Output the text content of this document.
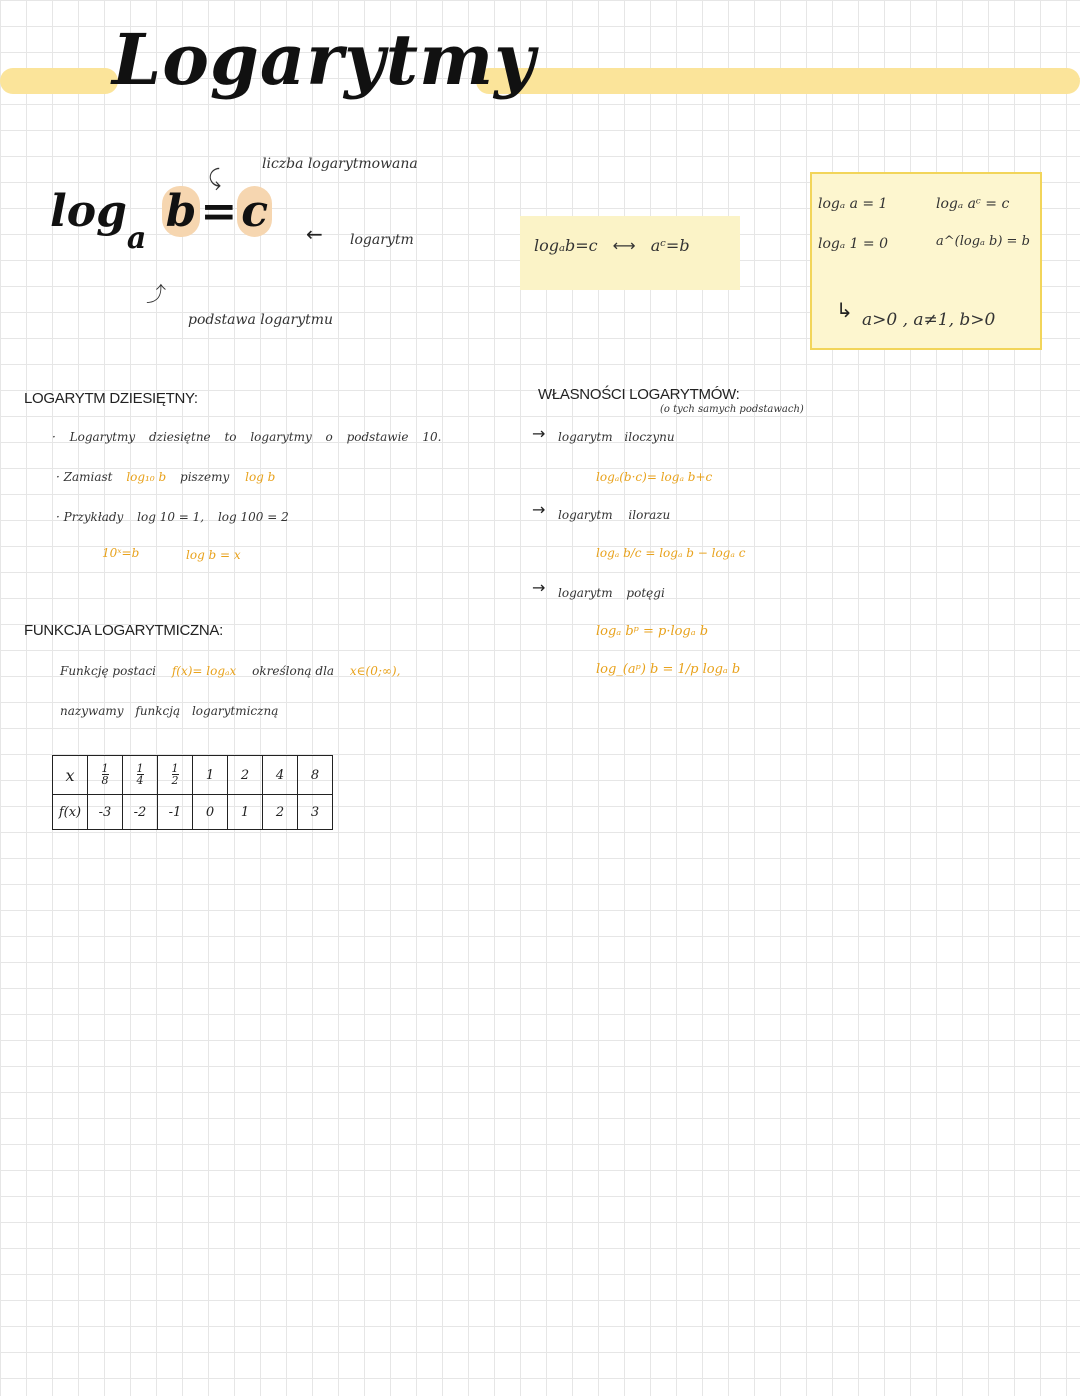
Logarytmy
liczba logarytmowana
⤹
$\log_a b=c$ ← logarytm
⤴
podstawa logarytmu
logₐb=c ⟷ aᶜ=b
logₐ a = 1	logₐ aᶜ = c
logₐ 1 = 0	a^(logₐ b) = b
↳ a>0 , a≠1, b>0
LOGARYTM DZIESIĘTNY:
· Logarytmy dziesiętne to logarytmy o podstawie 10.
· Zamiast log₁₀ b piszemy log b
· Przykłady log 10 = 1, log 100 = 2
10ˣ=b	log b = x
FUNKCJA LOGARYTMICZNA:
Funkcję postaci f(x)= logₐx określoną dla x∈(0;∞),
nazywamy funkcją logarytmiczną
x	$\frac{1}{8}$	$\frac{1}{4}$	$\frac{1}{2}$	1	2	4	8
f(x)	-3	-2	-1	0	1	2	3
WŁASNOŚCI LOGARYTMÓW:
(o tych samych podstawach)
→ logarytm iloczynu
logₐ(b·c)= logₐ b+c
→ logarytm ilorazu
logₐ b/c = logₐ b − logₐ c
→ logarytm potęgi
logₐ bᵖ = p·logₐ b
log_(aᵖ) b = 1/p logₐ b
